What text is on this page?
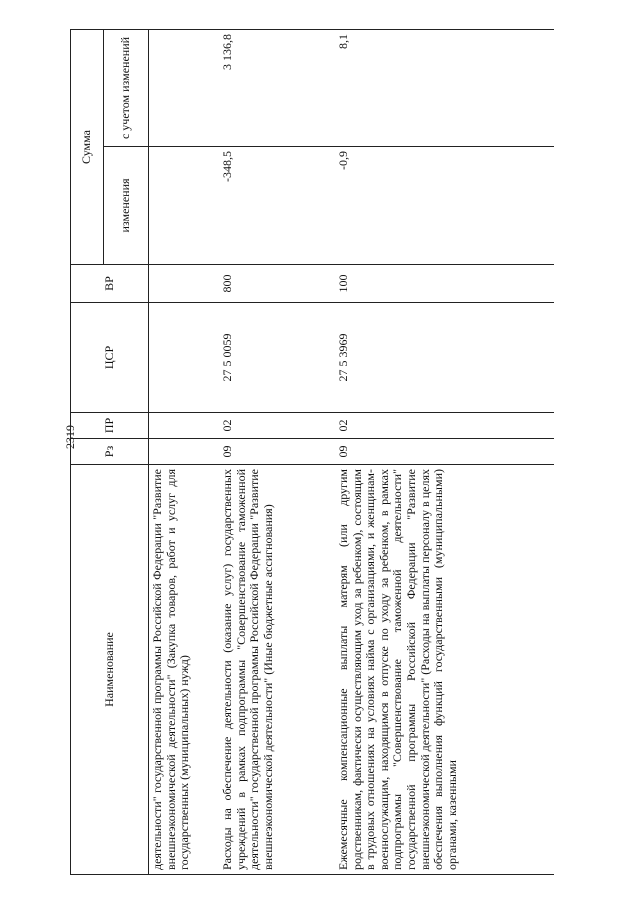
2319
Наименование	Рз	ПР	ЦСР	ВР	Сумма	
					изменения	с учетом изменений
деятельности" государственной программы Российской Федерации "Развитие внешнеэкономической деятельности" (Закупка товаров, работ и услуг для государственных (муниципальных) нужд)						
Расходы на обеспечение деятельности (оказание услуг) государственных учреждений в рамках подпрограммы "Совершенствование таможенной деятельности" государственной программы Российской Федерации "Развитие внешнеэкономической деятельности" (Иные бюджетные ассигнования)	09	02	27 5 0059	800	-348,5	3 136,8
Ежемесячные компенсационные выплаты матерям (или другим родственникам, фактически осуществляющим уход за ребенком), состоящим в трудовых отношениях на условиях найма с организациями, и женщинам-военнослужащим, находящимся в отпуске по уходу за ребенком, в рамках подпрограммы "Совершенствование таможенной деятельности" государственной программы Российской Федерации "Развитие внешнеэкономической деятельности" (Расходы на выплаты персоналу в целях обеспечения выполнения функций государственными (муниципальными) органами, казенными	09	02	27 5 3969	100	-0,9	8,1
